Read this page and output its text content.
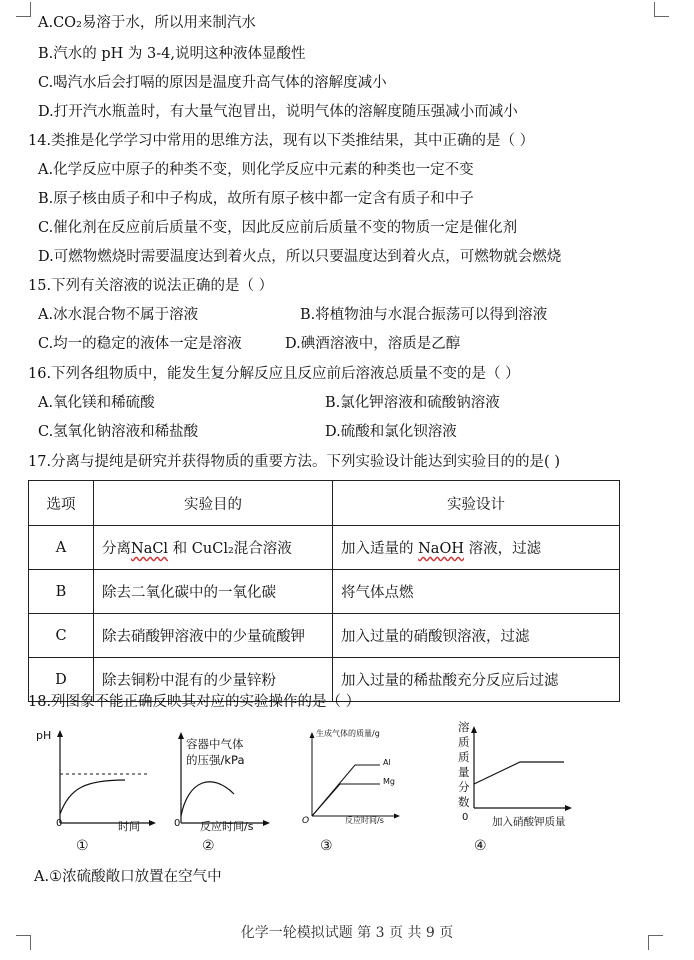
A.CO₂易溶于水，所以用来制汽水
B.汽水的 pH 为 3-4,说明这种液体显酸性
C.喝汽水后会打嗝的原因是温度升高气体的溶解度减小
D.打开汽水瓶盖时，有大量气泡冒出，说明气体的溶解度随压强减小而减小
14.类推是化学学习中常用的思维方法，现有以下类推结果，其中正确的是（ ）
A.化学反应中原子的种类不变，则化学反应中元素的种类也一定不变
B.原子核由质子和中子构成，故所有原子核中都一定含有质子和中子
C.催化剂在反应前后质量不变，因此反应前后质量不变的物质一定是催化剂
D.可燃物燃烧时需要温度达到着火点，所以只要温度达到着火点，可燃物就会燃烧
15.下列有关溶液的说法正确的是（ ）
A.冰水混合物不属于溶液	B.将植物油与水混合振荡可以得到溶液
C.均一的稳定的液体一定是溶液	D.碘酒溶液中，溶质是乙醇
16.下列各组物质中，能发生复分解反应且反应前后溶液总质量不变的是（ ）
A.氧化镁和稀硫酸	B.氯化钾溶液和硫酸钠溶液
C.氢氧化钠溶液和稀盐酸	D.硫酸和氯化钡溶液
17.分离与提纯是研究并获得物质的重要方法。下列实验设计能达到实验目的的是( )
选项	实验目的	实验设计
A	分离NaCl 和 CuCl₂混合溶液	加入适量的 NaOH 溶液，过滤
B	除去二氧化碳中的一氧化碳	将气体点燃
C	除去硝酸钾溶液中的少量硫酸钾	加入过量的硝酸钡溶液，过滤
D	除去铜粉中混有的少量锌粉	加入过量的稀盐酸充分反应后过滤
18.列图象不能正确反映其对应的实验操作的是（ ）
pH
0	时间
①
容器中气体
的压强/kPa
0 反应时间/s
②
生成气体的质量/g
Al
Mg
O	反应时间/s
③
溶
质
质
量
分
数
0 加入硝酸钾质量
④
A.①浓硫酸敞口放置在空气中
化学一轮模拟试题 第 3 页 共 9 页
